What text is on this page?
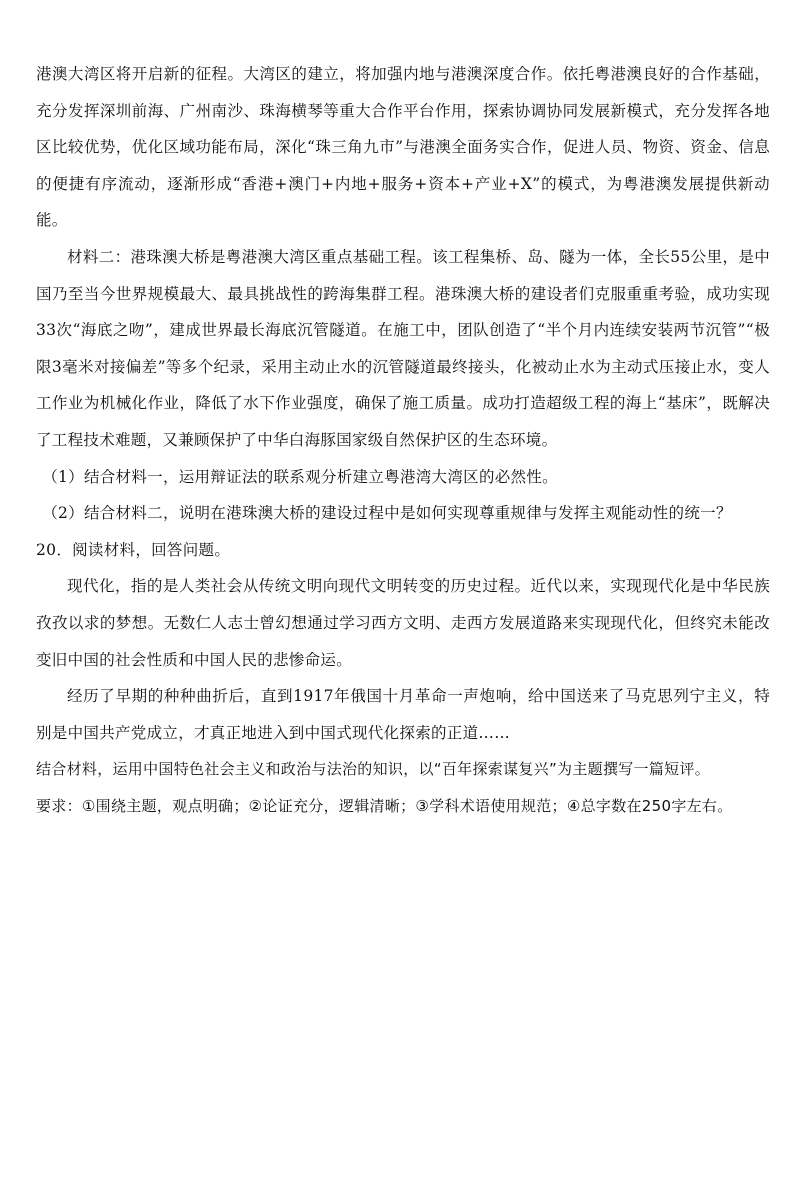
港澳大湾区将开启新的征程。大湾区的建立，将加强内地与港澳深度合作。依托粤港澳良好的合作基础，充分发挥深圳前海、广州南沙、珠海横琴等重大合作平台作用，探索协调协同发展新模式，充分发挥各地区比较优势，优化区域功能布局，深化“珠三角九市”与港澳全面务实合作，促进人员、物资、资金、信息的便捷有序流动，逐渐形成“香港+澳门+内地+服务+资本+产业+X”的模式，为粤港澳发展提供新动能。

材料二：港珠澳大桥是粤港澳大湾区重点基础工程。该工程集桥、岛、隧为一体，全长55公里，是中国乃至当今世界规模最大、最具挑战性的跨海集群工程。港珠澳大桥的建设者们克服重重考验，成功实现33次“海底之吻”，建成世界最长海底沉管隧道。在施工中，团队创造了“半个月内连续安装两节沉管”“极限3毫米对接偏差”等多个纪录，采用主动止水的沉管隧道最终接头，化被动止水为主动式压接止水，变人工作业为机械化作业，降低了水下作业强度，确保了施工质量。成功打造超级工程的海上“基床”，既解决了工程技术难题，又兼顾保护了中华白海豚国家级自然保护区的生态环境。

（1）结合材料一，运用辩证法的联系观分析建立粤港湾大湾区的必然性。

（2）结合材料二，说明在港珠澳大桥的建设过程中是如何实现尊重规律与发挥主观能动性的统一？

20．阅读材料，回答问题。

现代化，指的是人类社会从传统文明向现代文明转变的历史过程。近代以来，实现现代化是中华民族孜孜以求的梦想。无数仁人志士曾幻想通过学习西方文明、走西方发展道路来实现现代化，但终究未能改变旧中国的社会性质和中国人民的悲惨命运。

经历了早期的种种曲折后，直到1917年俄国十月革命一声炮响，给中国送来了马克思列宁主义，特别是中国共产党成立，才真正地进入到中国式现代化探索的正道……

结合材料，运用中国特色社会主义和政治与法治的知识，以“百年探索谋复兴”为主题撰写一篇短评。

要求：①围绕主题，观点明确；②论证充分，逻辑清晰；③学科术语使用规范；④总字数在250字左右。
